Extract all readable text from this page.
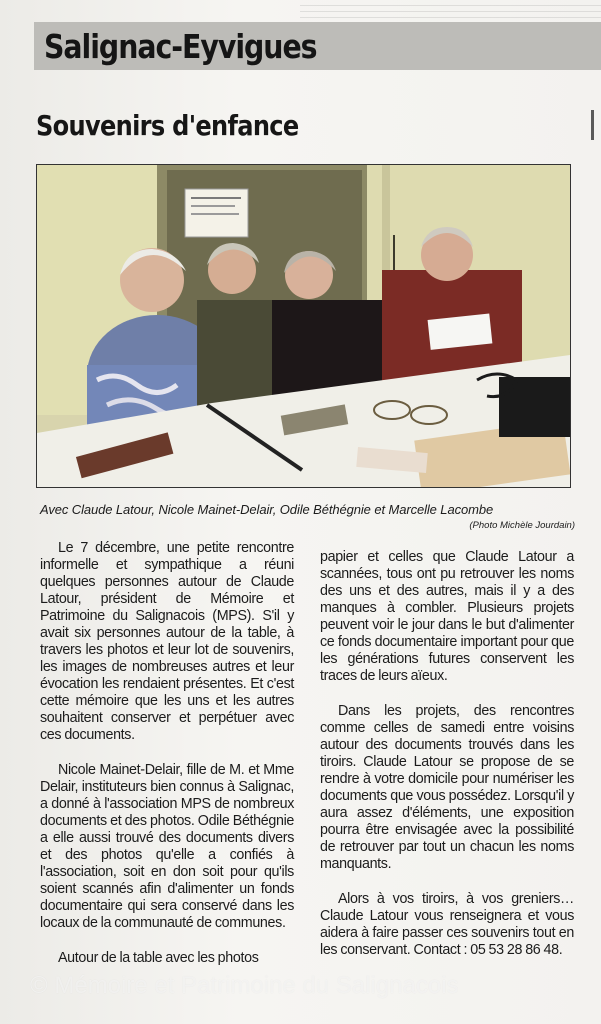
Salignac-Eyvigues
Souvenirs d'enfance
Avec Claude Latour, Nicole Mainet-Delair, Odile Béthégnie et Marcelle Lacombe
(Photo Michèle Jourdain)

Le 7 décembre, une petite rencontre informelle et sympathique a réuni quelques personnes autour de Claude Latour, président de Mémoire et Patrimoine du Salignacois (MPS). S'il y avait six personnes autour de la table, à travers les photos et leur lot de souvenirs, les images de nombreuses autres et leur évocation les rendaient présentes. Et c'est cette mémoire que les uns et les autres souhaitent conserver et perpétuer avec ces documents.

Nicole Mainet-Delair, fille de M. et Mme Delair, instituteurs bien connus à Salignac, a donné à l'association MPS de nombreux documents et des photos. Odile Béthégnie a elle aussi trouvé des documents divers et des photos qu'elle a confiés à l'association, soit en don soit pour qu'ils soient scannés afin d'alimenter un fonds documentaire qui sera conservé dans les locaux de la communauté de communes.

Autour de la table avec les photos

papier et celles que Claude Latour a scannées, tous ont pu retrouver les noms des uns et des autres, mais il y a des manques à combler. Plusieurs projets peuvent voir le jour dans le but d'alimenter ce fonds documentaire important pour que les générations futures conservent les traces de leurs aïeux.

Dans les projets, des rencontres comme celles de samedi entre voisins autour des documents trouvés dans les tiroirs. Claude Latour se propose de se rendre à votre domicile pour numériser les documents que vous possédez. Lorsqu'il y aura assez d'éléments, une exposition pourra être envisagée avec la possibilité de retrouver par tout un chacun les noms manquants.

Alors à vos tiroirs, à vos greniers… Claude Latour vous renseignera et vous aidera à faire passer ces souvenirs tout en les conservant. Contact : 05 53 28 86 48.

© Mémoire et Patrimoine du Salignacois
